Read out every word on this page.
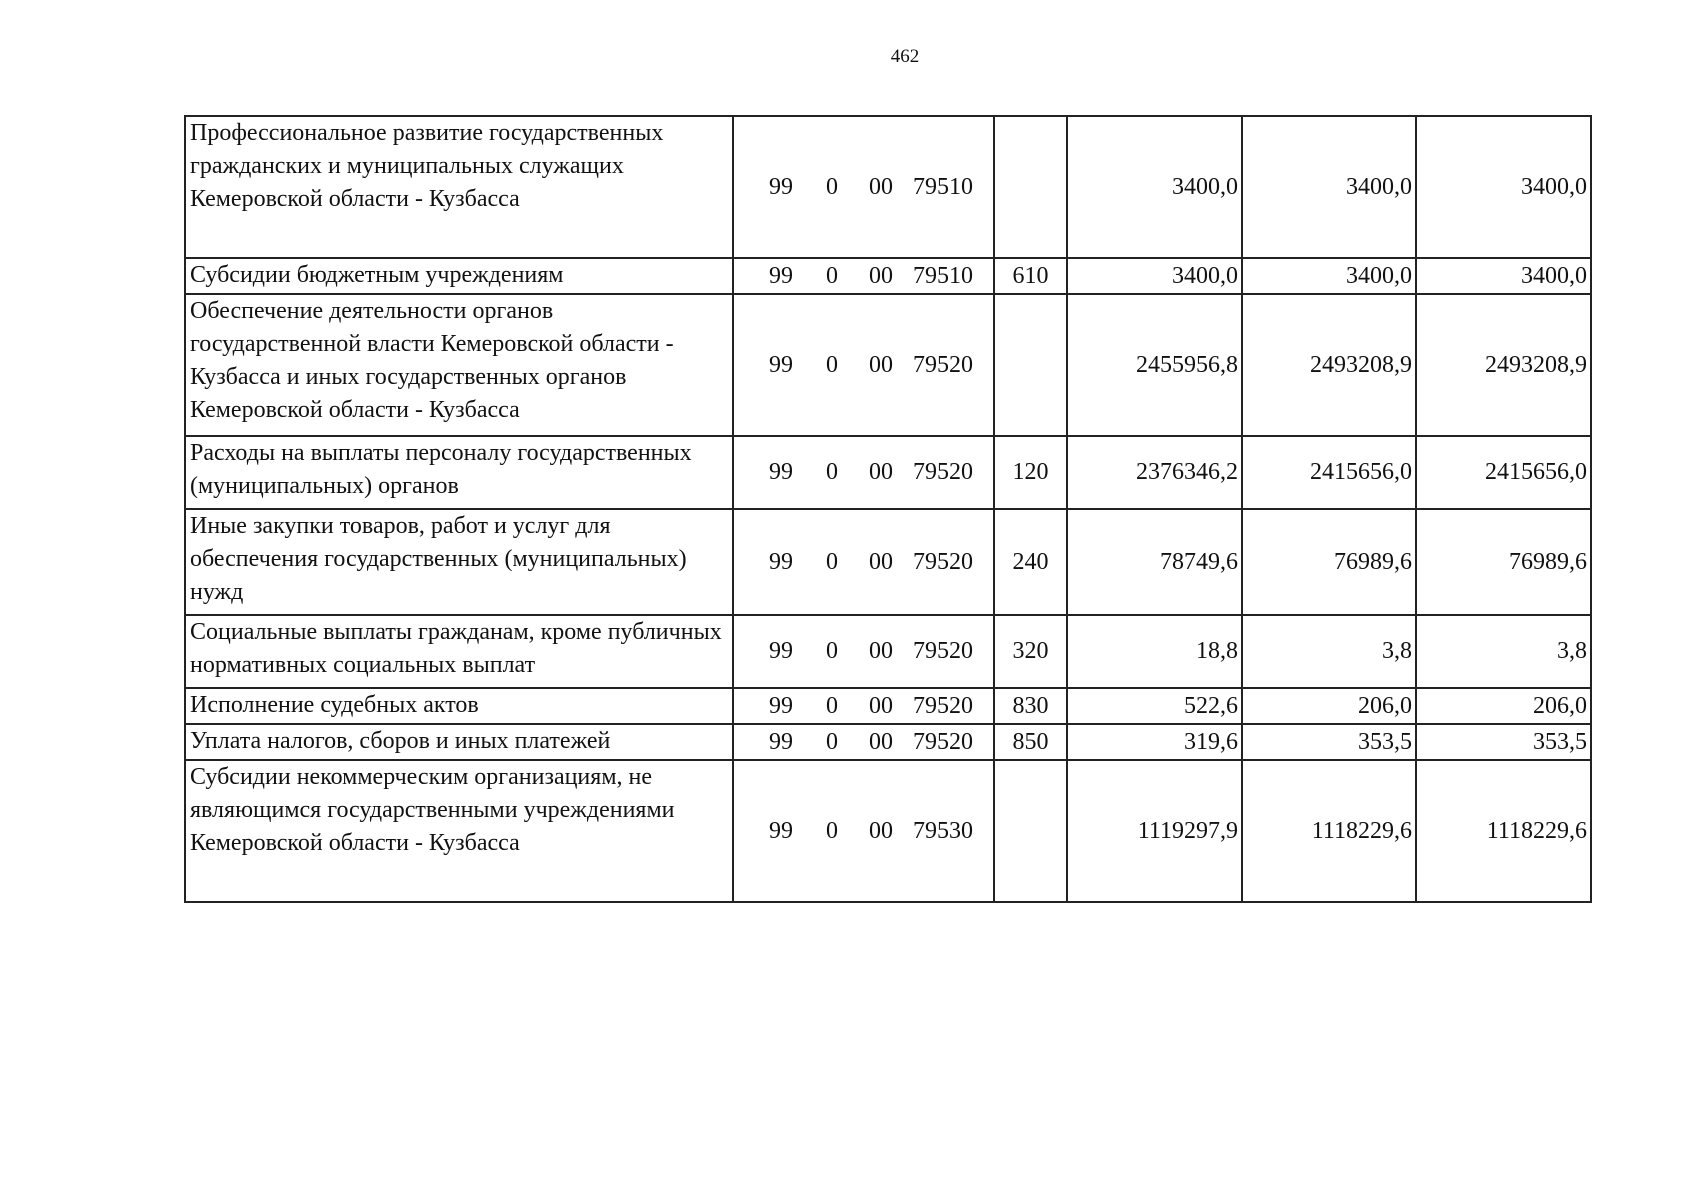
462
Профессиональное развитие государственных гражданских и муниципальных служащих Кемеровской области - Кузбасса	99 0 00 79510		3400,0	3400,0	3400,0
Субсидии бюджетным учреждениям	99 0 00 79510	610	3400,0	3400,0	3400,0
Обеспечение деятельности органов государственной власти Кемеровской области - Кузбасса и иных государственных органов Кемеровской области - Кузбасса	99 0 00 79520		2455956,8	2493208,9	2493208,9
Расходы на выплаты персоналу государственных (муниципальных) органов	99 0 00 79520	120	2376346,2	2415656,0	2415656,0
Иные закупки товаров, работ и услуг для обеспечения государственных (муниципальных) нужд	99 0 00 79520	240	78749,6	76989,6	76989,6
Социальные выплаты гражданам, кроме публичных нормативных социальных выплат	99 0 00 79520	320	18,8	3,8	3,8
Исполнение судебных актов	99 0 00 79520	830	522,6	206,0	206,0
Уплата налогов, сборов и иных платежей	99 0 00 79520	850	319,6	353,5	353,5
Субсидии некоммерческим организациям, не являющимся государственными учреждениями Кемеровской области - Кузбасса	99 0 00 79530		1119297,9	1118229,6	1118229,6
